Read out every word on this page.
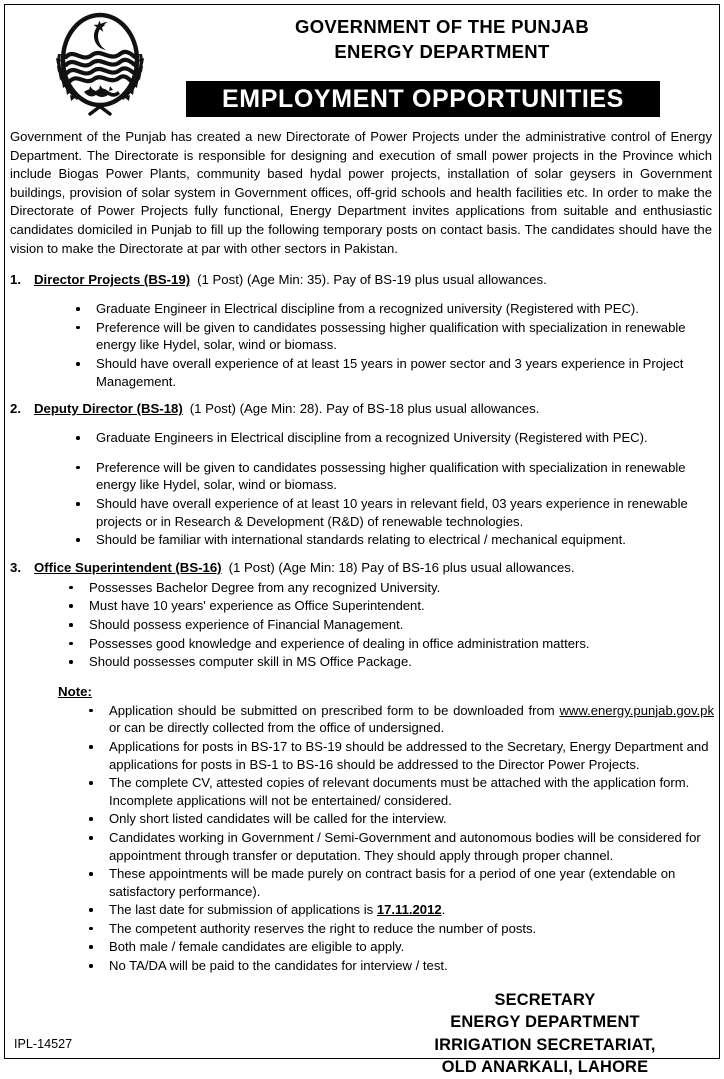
GOVERNMENT OF THE PUNJAB
ENERGY DEPARTMENT
EMPLOYMENT OPPORTUNITIES

Government of the Punjab has created a new Directorate of Power Projects under the administrative control of Energy Department. The Directorate is responsible for designing and execution of small power projects in the Province which include Biogas Power Plants, community based hydal power projects, installation of solar geysers in Government buildings, provision of solar system in Government offices, off-grid schools and health facilities etc. In order to make the Directorate of Power Projects fully functional, Energy Department invites applications from suitable and enthusiastic candidates domiciled in Punjab to fill up the following temporary posts on contact basis. The candidates should have the vision to make the Directorate at par with other sectors in Pakistan.

1. Director Projects (BS-19) (1 Post) (Age Min: 35). Pay of BS-19 plus usual allowances.
Graduate Engineer in Electrical discipline from a recognized university (Registered with PEC).
Preference will be given to candidates possessing higher qualification with specialization in renewable energy like Hydel, solar, wind or biomass.
Should have overall experience of at least 15 years in power sector and 3 years experience in Project Management.
2. Deputy Director (BS-18) (1 Post) (Age Min: 28). Pay of BS-18 plus usual allowances.
Graduate Engineers in Electrical discipline from a recognized University (Registered with PEC).
Preference will be given to candidates possessing higher qualification with specialization in renewable energy like Hydel, solar, wind or biomass.
Should have overall experience of at least 10 years in relevant field, 03 years experience in renewable projects or in Research & Development (R&D) of renewable technologies.
Should be familiar with international standards relating to electrical / mechanical equipment.
3. Office Superintendent (BS-16) (1 Post) (Age Min: 18) Pay of BS-16 plus usual allowances.
Possesses Bachelor Degree from any recognized University.
Must have 10 years' experience as Office Superintendent.
Should possess experience of Financial Management.
Possesses good knowledge and experience of dealing in office administration matters.
Should possesses computer skill in MS Office Package.
Note:
Application should be submitted on prescribed form to be downloaded from www.energy.punjab.gov.pk or can be directly collected from the office of undersigned.
Applications for posts in BS-17 to BS-19 should be addressed to the Secretary, Energy Department and applications for posts in BS-1 to BS-16 should be addressed to the Director Power Projects.
The complete CV, attested copies of relevant documents must be attached with the application form. Incomplete applications will not be entertained/ considered.
Only short listed candidates will be called for the interview.
Candidates working in Government / Semi-Government and autonomous bodies will be considered for appointment through transfer or deputation. They should apply through proper channel.
These appointments will be made purely on contract basis for a period of one year (extendable on satisfactory performance).
The last date for submission of applications is 17.11.2012.
The competent authority reserves the right to reduce the number of posts.
Both male / female candidates are eligible to apply.
No TA/DA will be paid to the candidates for interview / test.
SECRETARY
ENERGY DEPARTMENT
IRRIGATION SECRETARIAT,
OLD ANARKALI, LAHORE
IPL-14527
